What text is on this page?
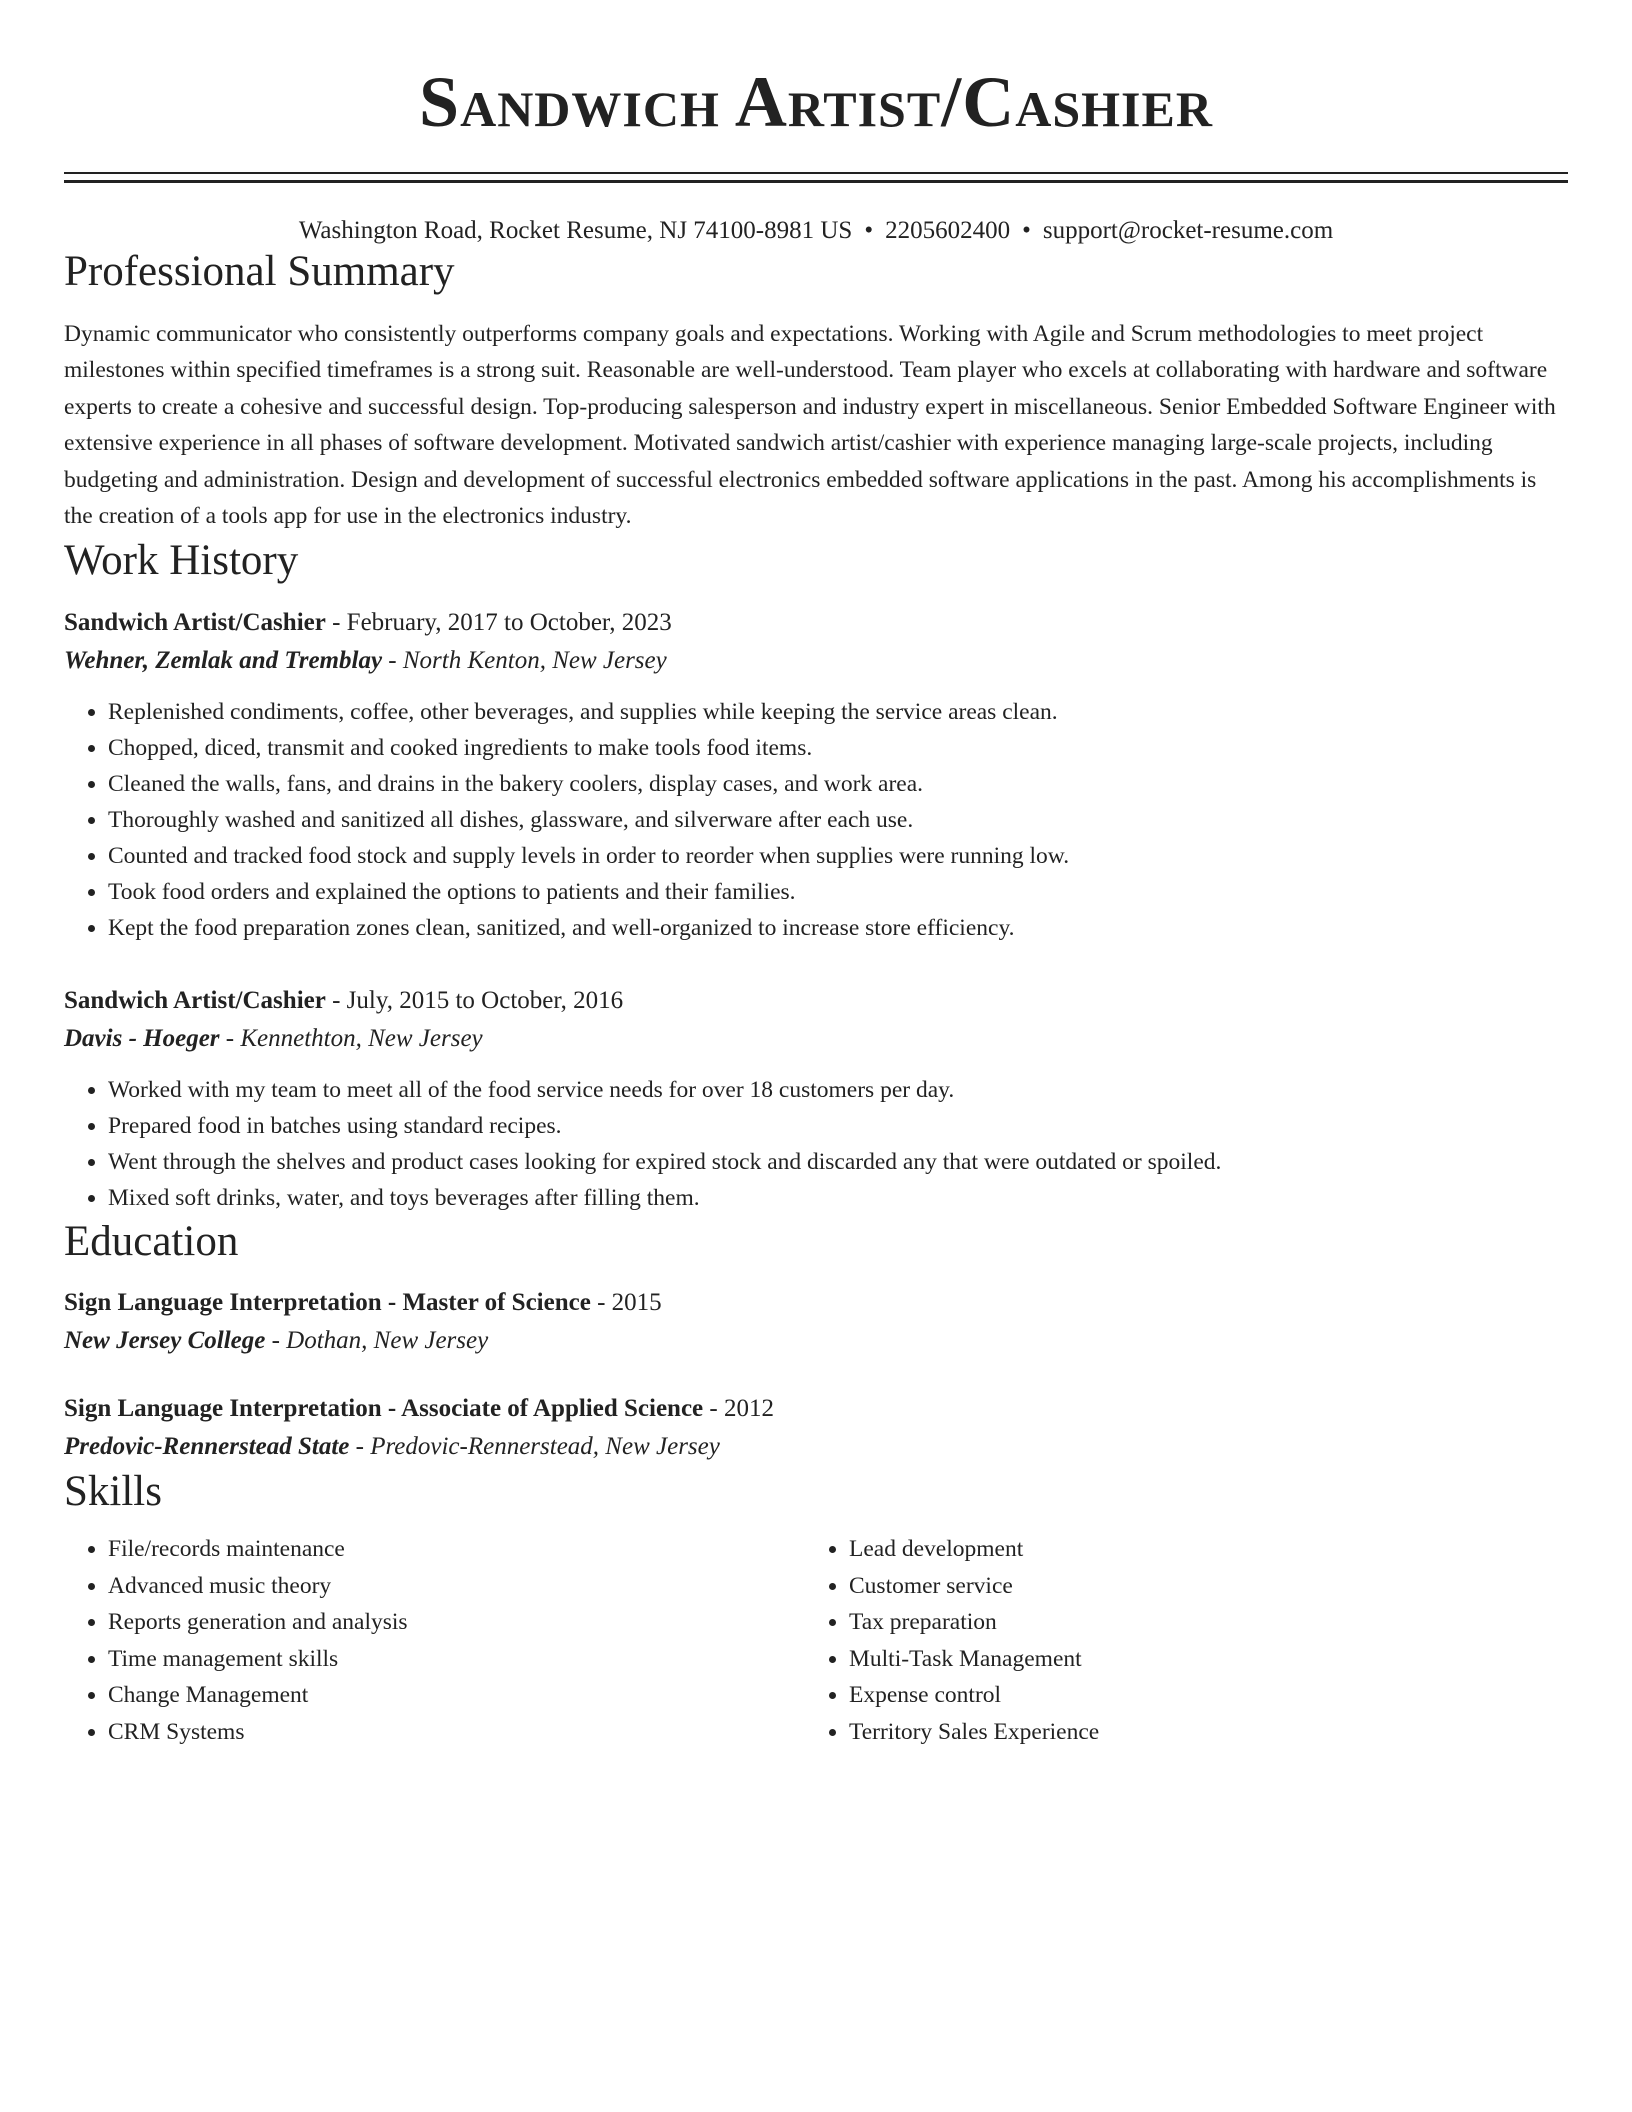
Sandwich Artist/Cashier
Washington Road, Rocket Resume, NJ 74100-8981 US • 2205602400 • support@rocket-resume.com
Professional Summary
Dynamic communicator who consistently outperforms company goals and expectations. Working with Agile and Scrum methodologies to meet project milestones within specified timeframes is a strong suit. Reasonable are well-understood. Team player who excels at collaborating with hardware and software experts to create a cohesive and successful design. Top-producing salesperson and industry expert in miscellaneous. Senior Embedded Software Engineer with extensive experience in all phases of software development. Motivated sandwich artist/cashier with experience managing large-scale projects, including budgeting and administration. Design and development of successful electronics embedded software applications in the past. Among his accomplishments is the creation of a tools app for use in the electronics industry.
Work History
Sandwich Artist/Cashier - February, 2017 to October, 2023
Wehner, Zemlak and Tremblay - North Kenton, New Jersey
• Replenished condiments, coffee, other beverages, and supplies while keeping the service areas clean.
• Chopped, diced, transmit and cooked ingredients to make tools food items.
• Cleaned the walls, fans, and drains in the bakery coolers, display cases, and work area.
• Thoroughly washed and sanitized all dishes, glassware, and silverware after each use.
• Counted and tracked food stock and supply levels in order to reorder when supplies were running low.
• Took food orders and explained the options to patients and their families.
• Kept the food preparation zones clean, sanitized, and well-organized to increase store efficiency.
Sandwich Artist/Cashier - July, 2015 to October, 2016
Davis - Hoeger - Kennethton, New Jersey
• Worked with my team to meet all of the food service needs for over 18 customers per day.
• Prepared food in batches using standard recipes.
• Went through the shelves and product cases looking for expired stock and discarded any that were outdated or spoiled.
• Mixed soft drinks, water, and toys beverages after filling them.
Education
Sign Language Interpretation - Master of Science - 2015
New Jersey College - Dothan, New Jersey
Sign Language Interpretation - Associate of Applied Science - 2012
Predovic-Rennerstead State - Predovic-Rennerstead, New Jersey
Skills
• File/records maintenance
• Advanced music theory
• Reports generation and analysis
• Time management skills
• Change Management
• CRM Systems
• Lead development
• Customer service
• Tax preparation
• Multi-Task Management
• Expense control
• Territory Sales Experience
